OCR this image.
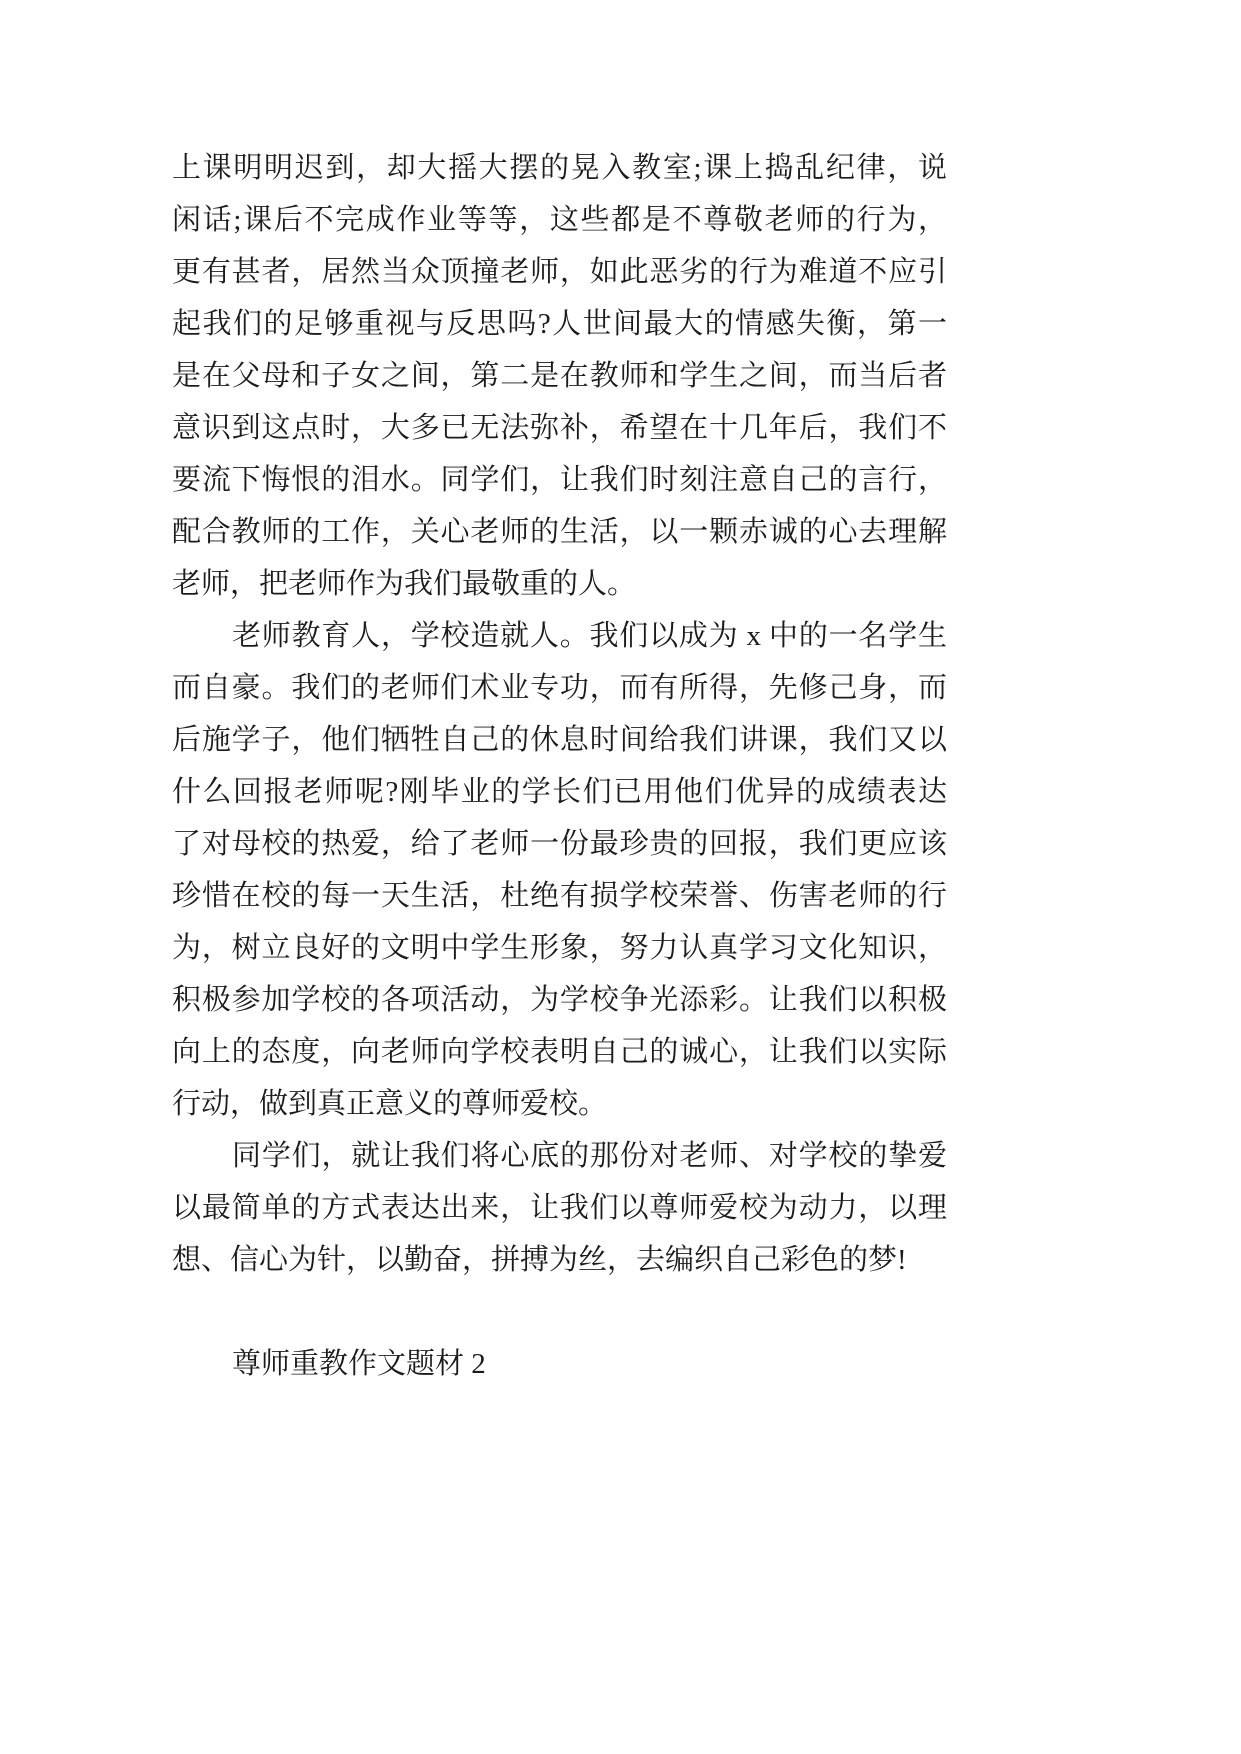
上课明明迟到，却大摇大摆的晃入教室;课上捣乱纪律，说
闲话;课后不完成作业等等，这些都是不尊敬老师的行为，
更有甚者，居然当众顶撞老师，如此恶劣的行为难道不应引
起我们的足够重视与反思吗?人世间最大的情感失衡，第一
是在父母和子女之间，第二是在教师和学生之间，而当后者
意识到这点时，大多已无法弥补，希望在十几年后，我们不
要流下悔恨的泪水。同学们，让我们时刻注意自己的言行，
配合教师的工作，关心老师的生活，以一颗赤诚的心去理解
老师，把老师作为我们最敬重的人。
老师教育人，学校造就人。我们以成为 x 中的一名学生
而自豪。我们的老师们术业专功，而有所得，先修己身，而
后施学子，他们牺牲自己的休息时间给我们讲课，我们又以
什么回报老师呢?刚毕业的学长们已用他们优异的成绩表达
了对母校的热爱，给了老师一份最珍贵的回报，我们更应该
珍惜在校的每一天生活，杜绝有损学校荣誉、伤害老师的行
为，树立良好的文明中学生形象，努力认真学习文化知识，
积极参加学校的各项活动，为学校争光添彩。让我们以积极
向上的态度，向老师向学校表明自己的诚心，让我们以实际
行动，做到真正意义的尊师爱校。
同学们，就让我们将心底的那份对老师、对学校的挚爱
以最简单的方式表达出来，让我们以尊师爱校为动力，以理
想、信心为针，以勤奋，拼搏为丝，去编织自己彩色的梦!
尊师重教作文题材 2
